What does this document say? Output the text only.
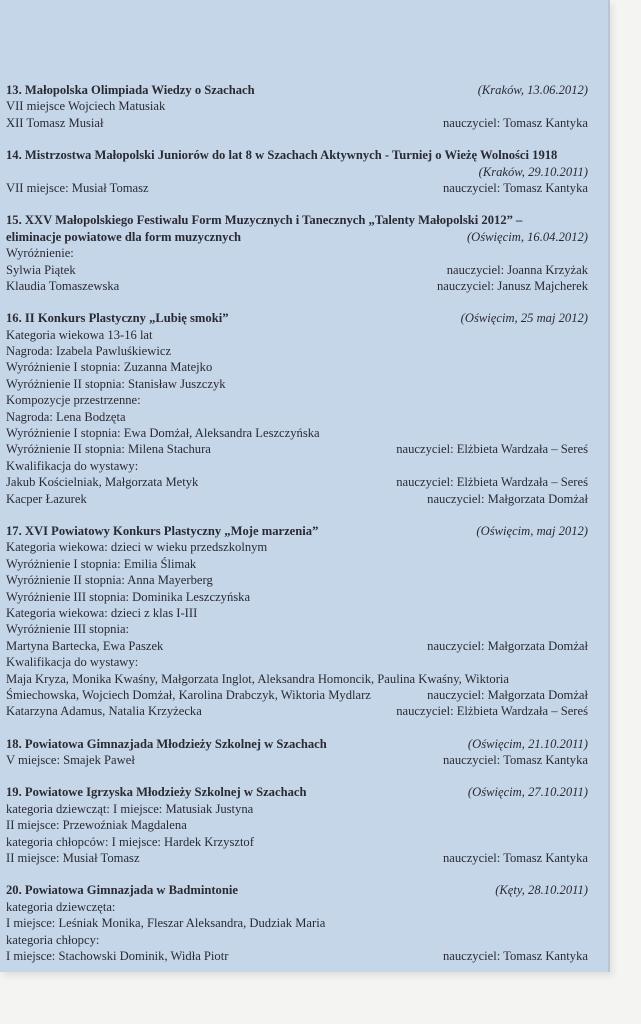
13. Małopolska Olimpiada Wiedzy o Szachach	(Kraków, 13.06.2012)
VII miejsce Wojciech Matusiak
XII Tomasz Musiał	nauczyciel: Tomasz Kantyka
14. Mistrzostwa Małopolski Juniorów do lat 8 w Szachach Aktywnych - Turniej o Wieżę Wolności 1918
(Kraków, 29.10.2011)
VII miejsce: Musiał Tomasz	nauczyciel: Tomasz Kantyka
15. XXV Małopolskiego Festiwalu Form Muzycznych i Tanecznych „Talenty Małopolski 2012” –
eliminacje powiatowe dla form muzycznych	(Oświęcim, 16.04.2012)
Wyróżnienie:
Sylwia Piątek	nauczyciel: Joanna Krzyżak
Klaudia Tomaszewska	nauczyciel: Janusz Majcherek
16. II Konkurs Plastyczny „Lubię smoki”	(Oświęcim, 25 maj 2012)
Kategoria wiekowa 13-16 lat
Nagroda: Izabela Pawluśkiewicz
Wyróżnienie I stopnia: Zuzanna Matejko
Wyróżnienie II stopnia: Stanisław Juszczyk
Kompozycje przestrzenne:
Nagroda: Lena Bodzęta
Wyróżnienie I stopnia: Ewa Domżał, Aleksandra Leszczyńska
Wyróżnienie II stopnia: Milena Stachura	nauczyciel: Elżbieta Wardzała – Sereś
Kwalifikacja do wystawy:
Jakub Kościelniak, Małgorzata Metyk	nauczyciel: Elżbieta Wardzała – Sereś
Kacper Łazurek	nauczyciel: Małgorzata Domżał
17. XVI Powiatowy Konkurs Plastyczny „Moje marzenia”	(Oświęcim, maj 2012)
Kategoria wiekowa: dzieci w wieku przedszkolnym
Wyróżnienie I stopnia: Emilia Ślimak
Wyróżnienie II stopnia: Anna Mayerberg
Wyróżnienie III stopnia: Dominika Leszczyńska
Kategoria wiekowa: dzieci z klas I-III
Wyróżnienie III stopnia:
Martyna Bartecka, Ewa Paszek	nauczyciel: Małgorzata Domżał
Kwalifikacja do wystawy:
Maja Kryza, Monika Kwaśny, Małgorzata Inglot, Aleksandra Homoncik, Paulina Kwaśny, Wiktoria
Śmiechowska, Wojciech Domżał, Karolina Drabczyk, Wiktoria Mydlarz	nauczyciel: Małgorzata Domżał
Katarzyna Adamus, Natalia Krzyżecka	nauczyciel: Elżbieta Wardzała – Sereś
18. Powiatowa Gimnazjada Młodzieży Szkolnej w Szachach	(Oświęcim, 21.10.2011)
V miejsce: Smajek Paweł	nauczyciel: Tomasz Kantyka
19. Powiatowe Igrzyska Młodzieży Szkolnej w Szachach	(Oświęcim, 27.10.2011)
kategoria dziewcząt: I miejsce: Matusiak Justyna
II miejsce: Przewoźniak Magdalena
kategoria chłopców: I miejsce: Hardek Krzysztof
II miejsce: Musiał Tomasz	nauczyciel: Tomasz Kantyka
20. Powiatowa Gimnazjada w Badmintonie	(Kęty, 28.10.2011)
kategoria dziewczęta:
I miejsce: Leśniak Monika, Fleszar Aleksandra, Dudziak Maria
kategoria chłopcy:
I miejsce: Stachowski Dominik, Widła Piotr	nauczyciel: Tomasz Kantyka
